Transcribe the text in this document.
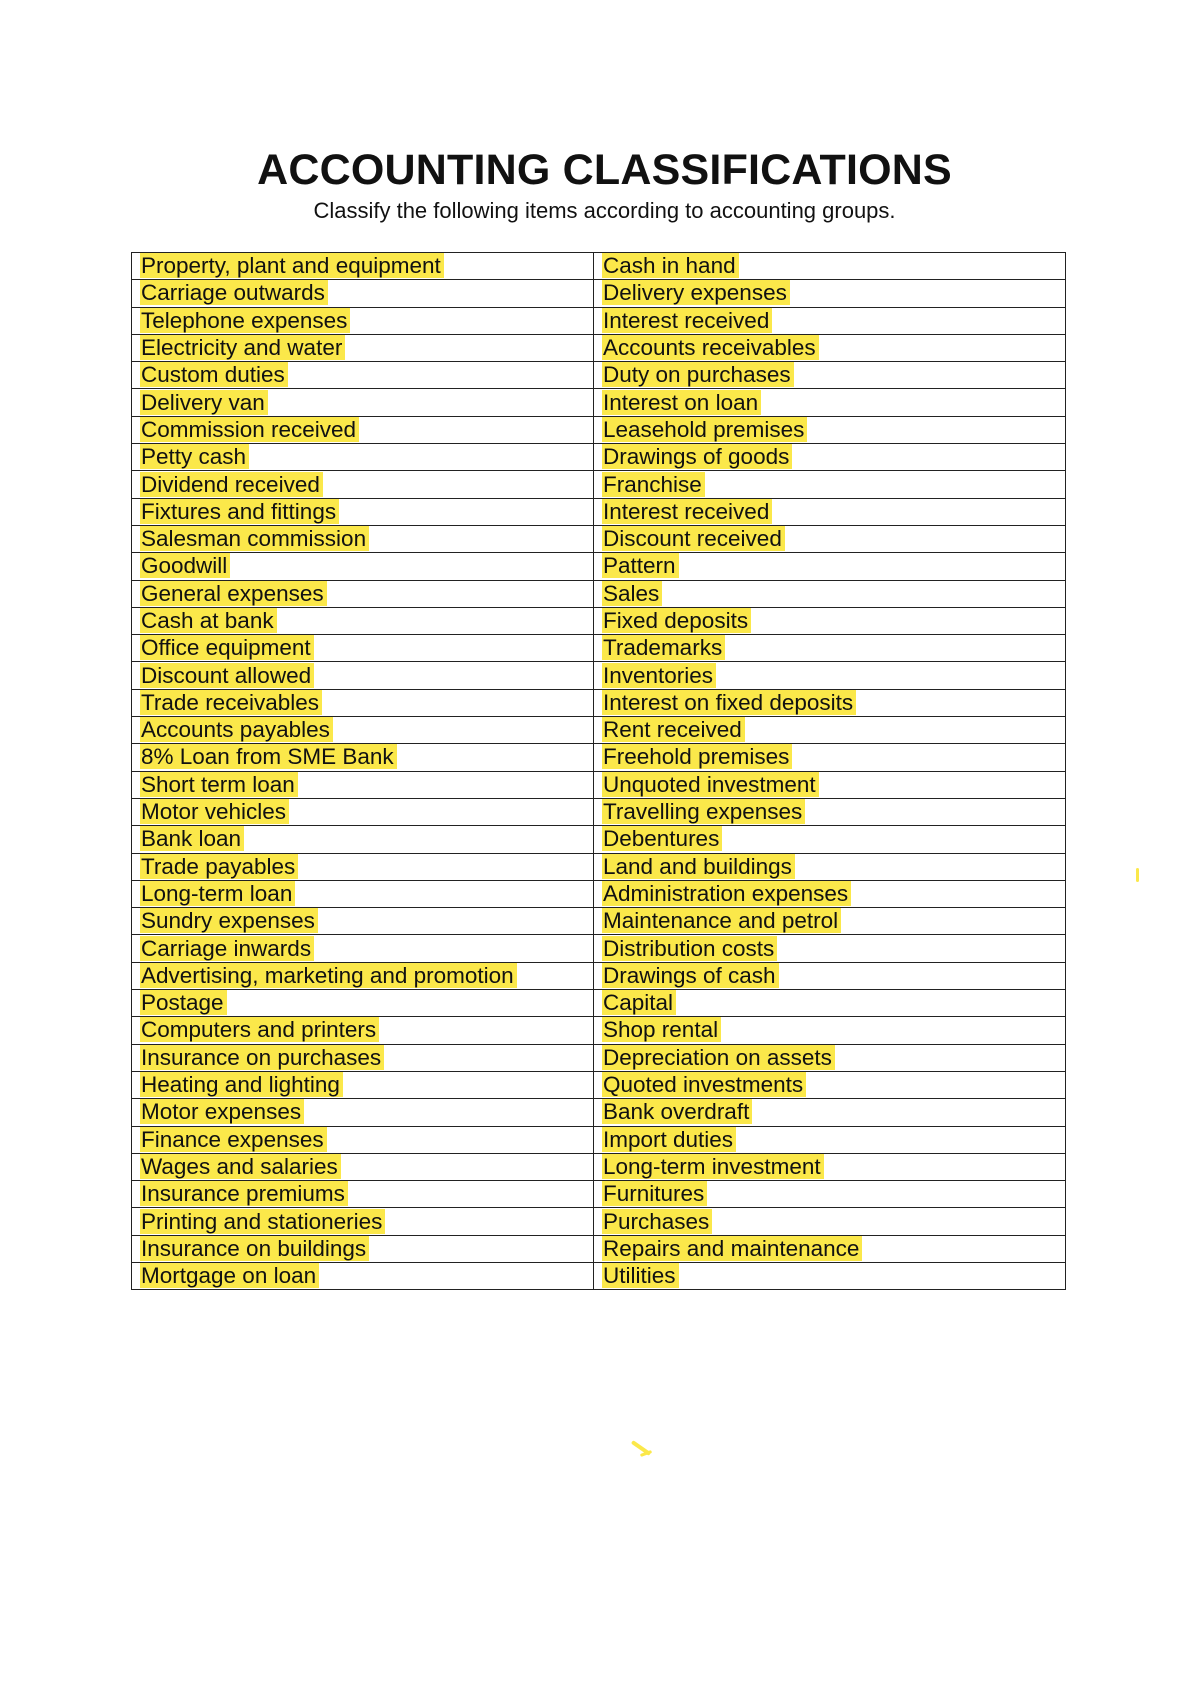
ACCOUNTING CLASSIFICATIONS

Classify the following items according to accounting groups.

Property, plant and equipment	Cash in hand
Carriage outwards	Delivery expenses
Telephone expenses	Interest received
Electricity and water	Accounts receivables
Custom duties	Duty on purchases
Delivery van	Interest on loan
Commission received	Leasehold premises
Petty cash	Drawings of goods
Dividend received	Franchise
Fixtures and fittings	Interest received
Salesman commission	Discount received
Goodwill	Pattern
General expenses	Sales
Cash at bank	Fixed deposits
Office equipment	Trademarks
Discount allowed	Inventories
Trade receivables	Interest on fixed deposits
Accounts payables	Rent received
8% Loan from SME Bank	Freehold premises
Short term loan	Unquoted investment
Motor vehicles	Travelling expenses
Bank loan	Debentures
Trade payables	Land and buildings
Long-term loan	Administration expenses
Sundry expenses	Maintenance and petrol
Carriage inwards	Distribution costs
Advertising, marketing and promotion	Drawings of cash
Postage	Capital
Computers and printers	Shop rental
Insurance on purchases	Depreciation on assets
Heating and lighting	Quoted investments
Motor expenses	Bank overdraft
Finance expenses	Import duties
Wages and salaries	Long-term investment
Insurance premiums	Furnitures
Printing and stationeries	Purchases
Insurance on buildings	Repairs and maintenance
Mortgage on loan	Utilities
